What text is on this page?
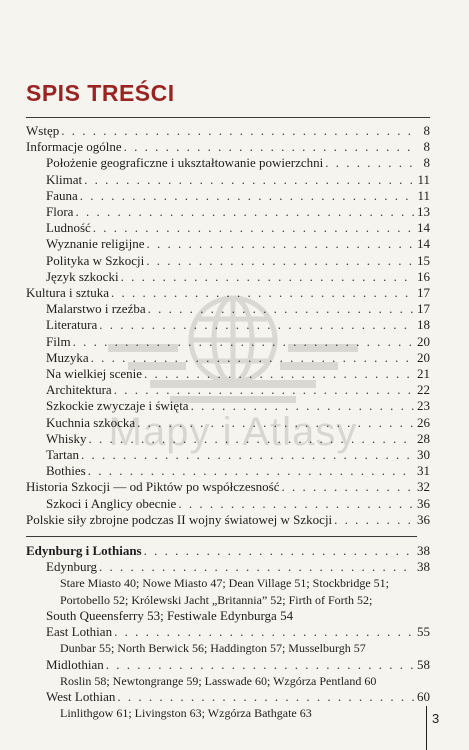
Mapy i Atlasy
SPIS TREŚCI
Wstęp . . .	8
Informacje ogólne . . .	8
Położenie geograficzne i ukształtowanie powierzchni . . .	8
Klimat . . .	11
Fauna . . .	11
Flora . . .	13
Ludność . . .	14
Wyznanie religijne . . .	14
Polityka w Szkocji . . .	15
Język szkocki . . .	16
Kultura i sztuka . . .	17
Malarstwo i rzeźba . . .	17
Literatura . . .	18
Film . . .	20
Muzyka . . .	20
Na wielkiej scenie . . .	21
Architektura . . .	22
Szkockie zwyczaje i święta . . .	23
Kuchnia szkocka . . .	26
Whisky . . .	28
Tartan . . .	30
Bothies . . .	31
Historia Szkocji — od Piktów po współczesność . . .	32
Szkoci i Anglicy obecnie . . .	36
Polskie siły zbrojne podczas II wojny światowej w Szkocji . . .	36
Edynburg i Lothians . . .	38
Edynburg . . .	38
Stare Miasto 40; Nowe Miasto 47; Dean Village 51; Stockbridge 51;
Portobello 52; Królewski Jacht „Britannia” 52; Firth of Forth 52;
South Queensferry 53; Festiwale Edynburga 54
East Lothian . . .	55
Dunbar 55; North Berwick 56; Haddington 57; Musselburgh 57
Midlothian . . .	58
Roslin 58; Newtongrange 59; Lasswade 60; Wzgórza Pentland 60
West Lothian . . .	60
Linlithgow 61; Livingston 63; Wzgórza Bathgate 63	3
